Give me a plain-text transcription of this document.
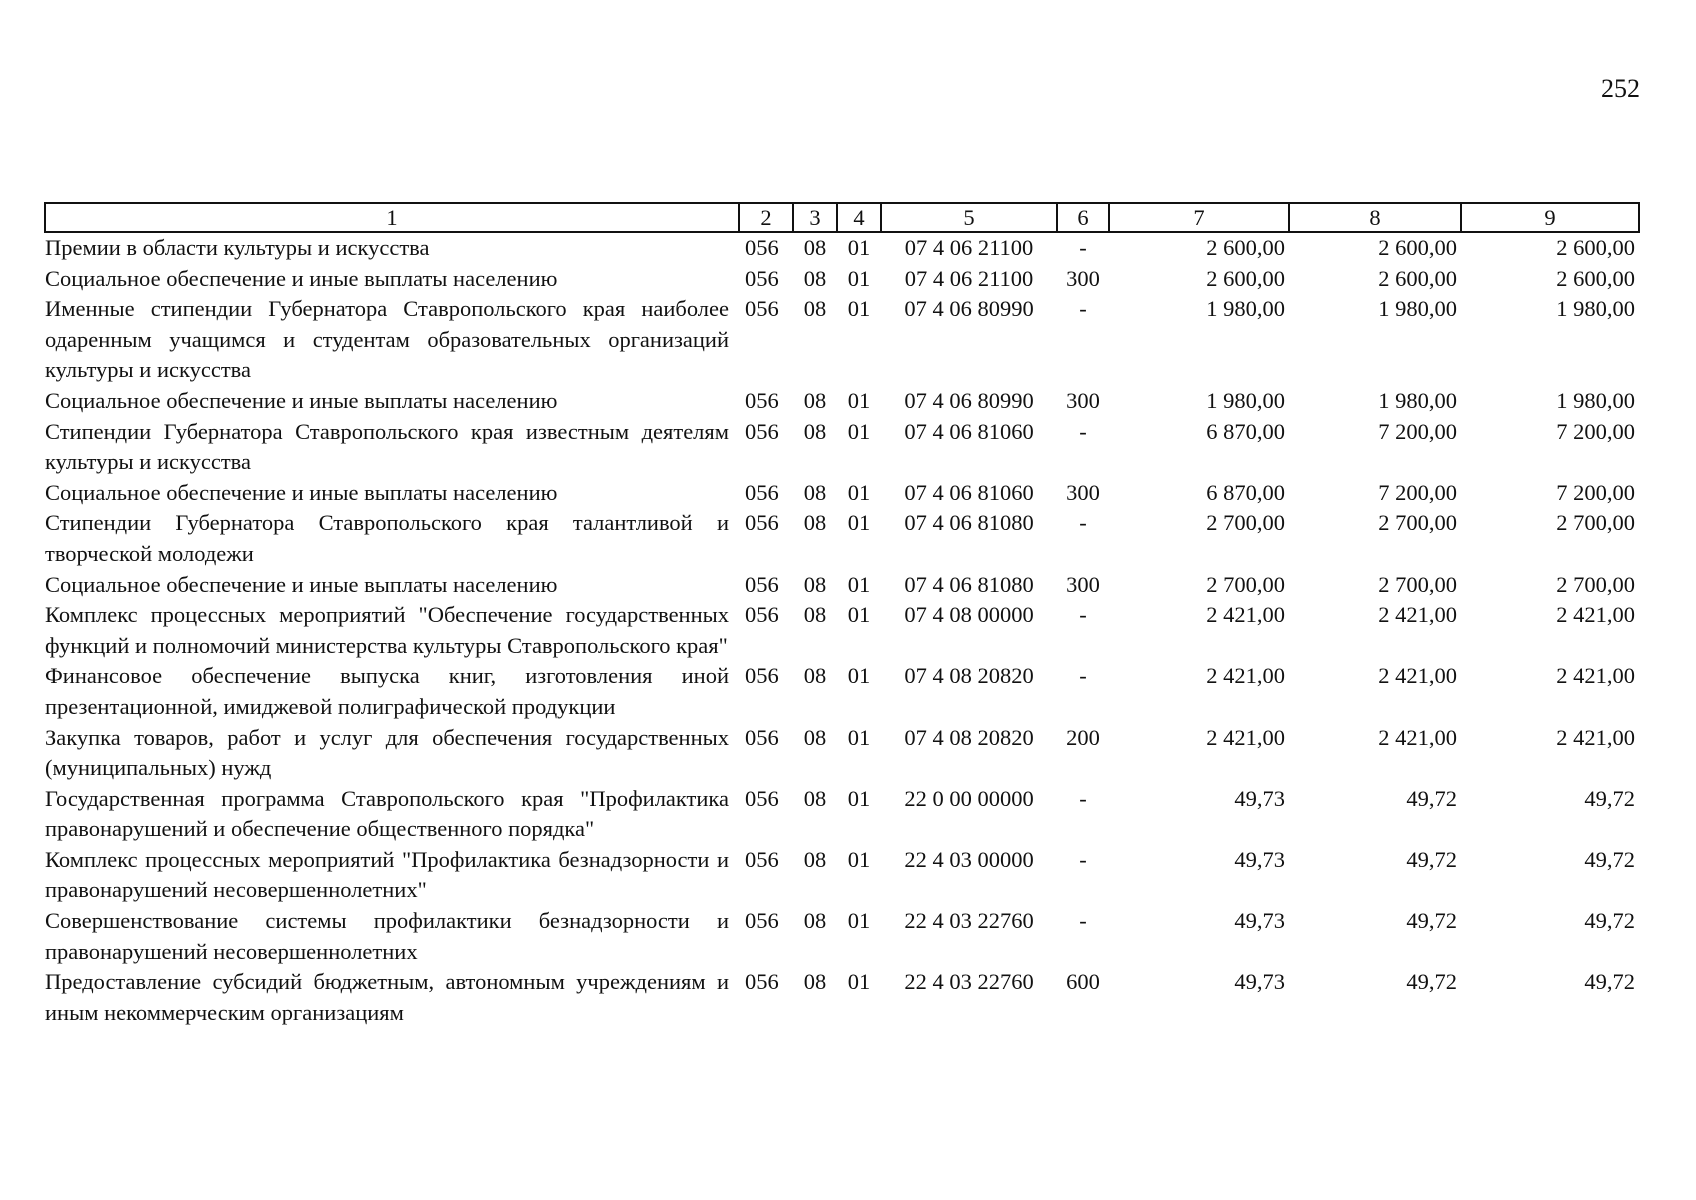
252
1	2	3	4	5	6	7	8	9
Премии в области культуры и искусства	056	08	01	07 4 06 21100	-	2 600,00	2 600,00	2 600,00
Социальное обеспечение и иные выплаты населению	056	08	01	07 4 06 21100	300	2 600,00	2 600,00	2 600,00
Именные стипендии Губернатора Ставропольского края наиболее одаренным учащимся и студентам образовательных организаций культуры и искусства	056	08	01	07 4 06 80990	-	1 980,00	1 980,00	1 980,00
Социальное обеспечение и иные выплаты населению	056	08	01	07 4 06 80990	300	1 980,00	1 980,00	1 980,00
Стипендии Губернатора Ставропольского края известным деятелям культуры и искусства	056	08	01	07 4 06 81060	-	6 870,00	7 200,00	7 200,00
Социальное обеспечение и иные выплаты населению	056	08	01	07 4 06 81060	300	6 870,00	7 200,00	7 200,00
Стипендии Губернатора Ставропольского края талантливой и творческой молодежи	056	08	01	07 4 06 81080	-	2 700,00	2 700,00	2 700,00
Социальное обеспечение и иные выплаты населению	056	08	01	07 4 06 81080	300	2 700,00	2 700,00	2 700,00
Комплекс процессных мероприятий "Обеспечение государственных функций и полномочий министерства культуры Ставропольского края"	056	08	01	07 4 08 00000	-	2 421,00	2 421,00	2 421,00
Финансовое обеспечение выпуска книг, изготовления иной презентационной, имиджевой полиграфической продукции	056	08	01	07 4 08 20820	-	2 421,00	2 421,00	2 421,00
Закупка товаров, работ и услуг для обеспечения государственных (муниципальных) нужд	056	08	01	07 4 08 20820	200	2 421,00	2 421,00	2 421,00
Государственная программа Ставропольского края "Профилактика правонарушений и обеспечение общественного порядка"	056	08	01	22 0 00 00000	-	49,73	49,72	49,72
Комплекс процессных мероприятий "Профилактика безнадзорности и правонарушений несовершеннолетних"	056	08	01	22 4 03 00000	-	49,73	49,72	49,72
Совершенствование системы профилактики безнадзорности и правонарушений несовершеннолетних	056	08	01	22 4 03 22760	-	49,73	49,72	49,72
Предоставление субсидий бюджетным, автономным учреждениям и иным некоммерческим организациям	056	08	01	22 4 03 22760	600	49,73	49,72	49,72
